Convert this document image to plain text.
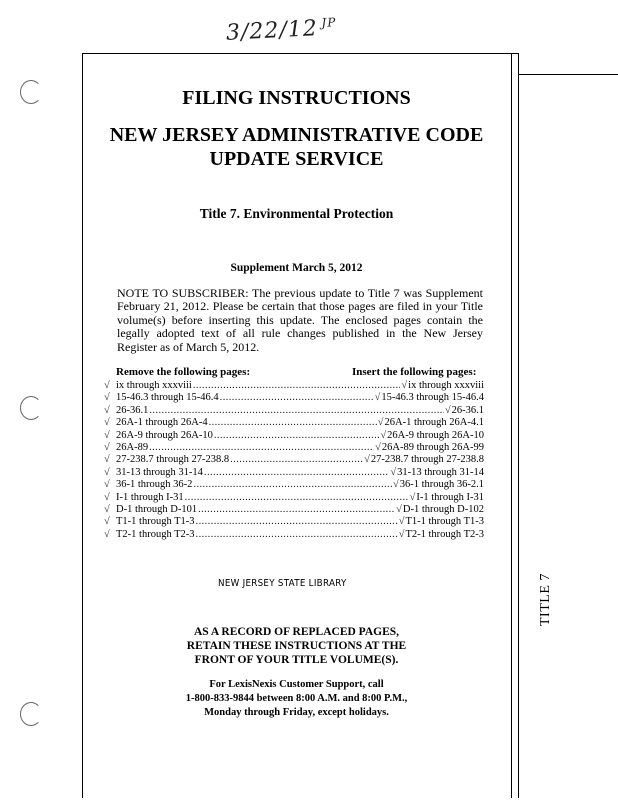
3/22/12 $^{JP}$
TITLE 7
FILING INSTRUCTIONS
NEW JERSEY ADMINISTRATIVE CODE
UPDATE SERVICE
Title 7. Environmental Protection
Supplement March 5, 2012
NOTE TO SUBSCRIBER: The previous update to Title 7 was Supplement February 21, 2012. Please be certain that those pages are filed in your Title volume(s) before inserting this update. The enclosed pages contain the legally adopted text of all rule changes published in the New Jersey Register as of March 5, 2012.
Remove the following pages:	Insert the following pages:
√ ix through xxxviii .....	√ ix through xxxviii
√ 15-46.3 through 15-46.4 .....	√ 15-46.3 through 15-46.4
√ 26-36.1 .....	√ 26-36.1
√ 26A-1 through 26A-4 .....	√ 26A-1 through 26A-4.1
√ 26A-9 through 26A-10 .....	√ 26A-9 through 26A-10
√ 26A-89 .....	√ 26A-89 through 26A-99
√ 27-238.7 through 27-238.8 .....	√ 27-238.7 through 27-238.8
√ 31-13 through 31-14 .....	√ 31-13 through 31-14
√ 36-1 through 36-2 .....	√ 36-1 through 36-2.1
√ I-1 through I-31 .....	√ I-1 through I-31
√ D-1 through D-101 .....	√ D-1 through D-102
√ T1-1 through T1-3 .....	√ T1-1 through T1-3
√ T2-1 through T2-3 .....	√ T2-1 through T2-3
NEW JERSEY STATE LIBRARY
AS A RECORD OF REPLACED PAGES,
RETAIN THESE INSTRUCTIONS AT THE
FRONT OF YOUR TITLE VOLUME(S).
For LexisNexis Customer Support, call
1-800-833-9844 between 8:00 A.M. and 8:00 P.M.,
Monday through Friday, except holidays.
